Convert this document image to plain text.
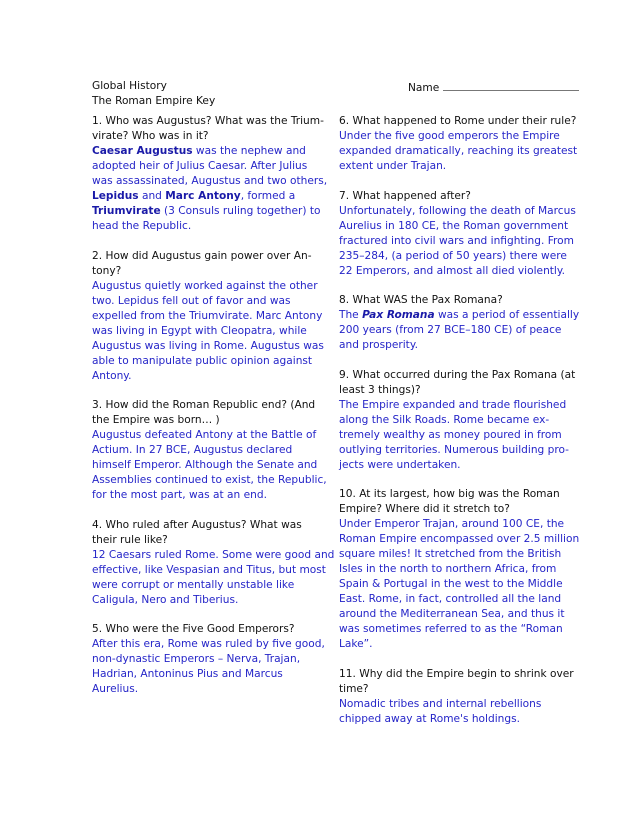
Global History
The Roman Empire Key
Name
1. Who was Augustus? What was the Trium-
virate? Who was in it?
Caesar Augustus was the nephew and
adopted heir of Julius Caesar. After Julius
was assassinated, Augustus and two others,
Lepidus and Marc Antony, formed a
Triumvirate (3 Consuls ruling together) to
head the Republic.
2. How did Augustus gain power over An-
tony?
Augustus quietly worked against the other
two. Lepidus fell out of favor and was
expelled from the Triumvirate. Marc Antony
was living in Egypt with Cleopatra, while
Augustus was living in Rome. Augustus was
able to manipulate public opinion against
Antony.
3. How did the Roman Republic end? (And
the Empire was born… )
Augustus defeated Antony at the Battle of
Actium. In 27 BCE, Augustus declared
himself Emperor. Although the Senate and
Assemblies continued to exist, the Republic,
for the most part, was at an end.
4. Who ruled after Augustus? What was
their rule like?
12 Caesars ruled Rome. Some were good and
effective, like Vespasian and Titus, but most
were corrupt or mentally unstable like
Caligula, Nero and Tiberius.
5. Who were the Five Good Emperors?
After this era, Rome was ruled by five good,
non-dynastic Emperors – Nerva, Trajan,
Hadrian, Antoninus Pius and Marcus
Aurelius.
6. What happened to Rome under their rule?
Under the five good emperors the Empire
expanded dramatically, reaching its greatest
extent under Trajan.
7. What happened after?
Unfortunately, following the death of Marcus
Aurelius in 180 CE, the Roman government
fractured into civil wars and infighting. From
235–284, (a period of 50 years) there were
22 Emperors, and almost all died violently.
8. What WAS the Pax Romana?
The Pax Romana was a period of essentially
200 years (from 27 BCE–180 CE) of peace
and prosperity.
9. What occurred during the Pax Romana (at
least 3 things)?
The Empire expanded and trade flourished
along the Silk Roads. Rome became ex-
tremely wealthy as money poured in from
outlying territories. Numerous building pro-
jects were undertaken.
10. At its largest, how big was the Roman
Empire? Where did it stretch to?
Under Emperor Trajan, around 100 CE, the
Roman Empire encompassed over 2.5 million
square miles! It stretched from the British
Isles in the north to northern Africa, from
Spain & Portugal in the west to the Middle
East. Rome, in fact, controlled all the land
around the Mediterranean Sea, and thus it
was sometimes referred to as the “Roman
Lake”.
11. Why did the Empire begin to shrink over
time?
Nomadic tribes and internal rebellions
chipped away at Rome's holdings.
